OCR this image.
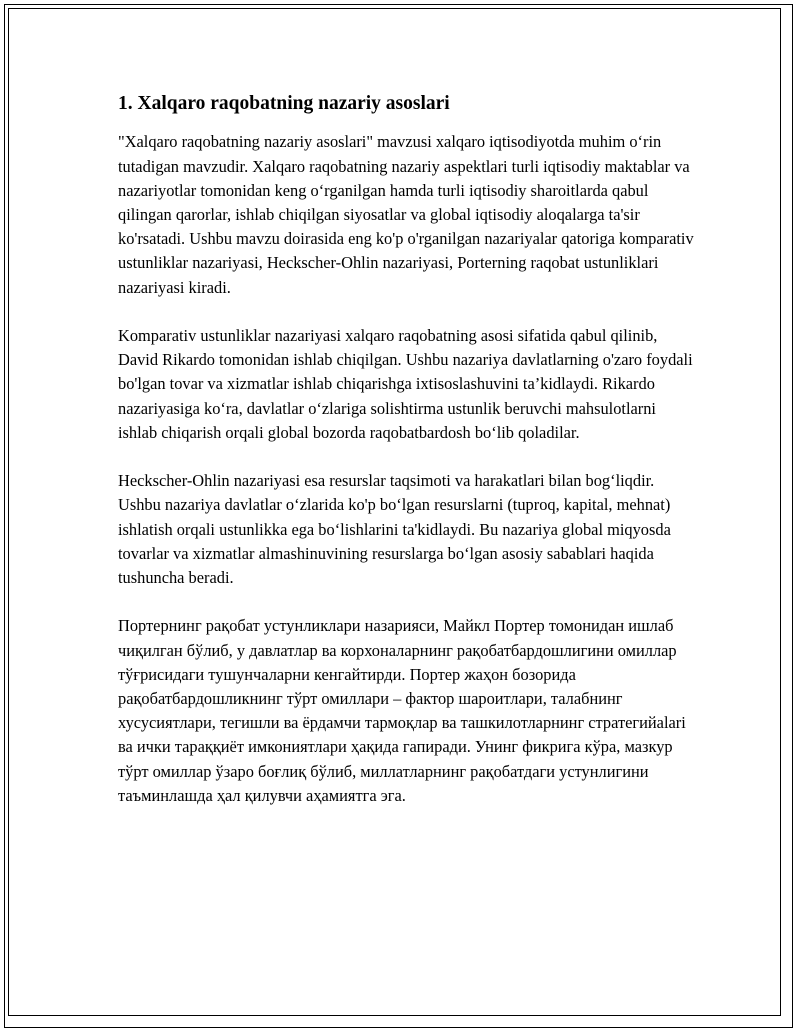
1. Xalqaro raqobatning nazariy asoslari

"Xalqaro raqobatning nazariy asoslari" mavzusi xalqaro iqtisodiyotda muhim o‘rin tutadigan mavzudir. Xalqaro raqobatning nazariy aspektlari turli iqtisodiy maktablar va nazariyotlar tomonidan keng o‘rganilgan hamda turli iqtisodiy sharoitlarda qabul qilingan qarorlar, ishlab chiqilgan siyosatlar va global iqtisodiy aloqalarga ta'sir ko'rsatadi. Ushbu mavzu doirasida eng ko'p o'rganilgan nazariyalar qatoriga komparativ ustunliklar nazariyasi, Heckscher-Ohlin nazariyasi, Porterning raqobat ustunliklari nazariyasi kiradi.

Komparativ ustunliklar nazariyasi xalqaro raqobatning asosi sifatida qabul qilinib, David Rikardo tomonidan ishlab chiqilgan. Ushbu nazariya davlatlarning o'zaro foydali bo'lgan tovar va xizmatlar ishlab chiqarishga ixtisoslashuvini ta’kidlaydi. Rikardo nazariyasiga ko‘ra, davlatlar o‘zlariga solishtirma ustunlik beruvchi mahsulotlarni ishlab chiqarish orqali global bozorda raqobatbardosh bo‘lib qoladilar.

Heckscher-Ohlin nazariyasi esa resurslar taqsimoti va harakatlari bilan bog‘liqdir. Ushbu nazariya davlatlar o‘zlarida ko'p bo‘lgan resurslarni (tuproq, kapital, mehnat) ishlatish orqali ustunlikka ega bo‘lishlarini ta'kidlaydi. Bu nazariya global miqyosda tovarlar va xizmatlar almashinuvining resurslarga bo‘lgan asosiy sabablari haqida tushuncha beradi.

Портернинг рақобат устунликлари назарияси, Майкл Портер томонидан ишлаб чиқилган бўлиб, у давлатлар ва корхоналарнинг рақобатбардошлигини омиллар тўғрисидаги тушунчаларни кенгайтирди. Портер жаҳон бозорида рақобатбардошликнинг тўрт омиллари – фактор шароитлари, талабнинг хусусиятлари, тегишли ва ёрдамчи тармоқлар ва ташкилотларнинг стратегийalari ва ички тараққиёт имкониятлари ҳақида гапиради. Унинг фикрига кўра, мазкур тўрт омиллар ўзаро боғлиқ бўлиб, миллатларнинг рақобатдаги устунлигини таъминлашда ҳал қилувчи аҳамиятга эга.
